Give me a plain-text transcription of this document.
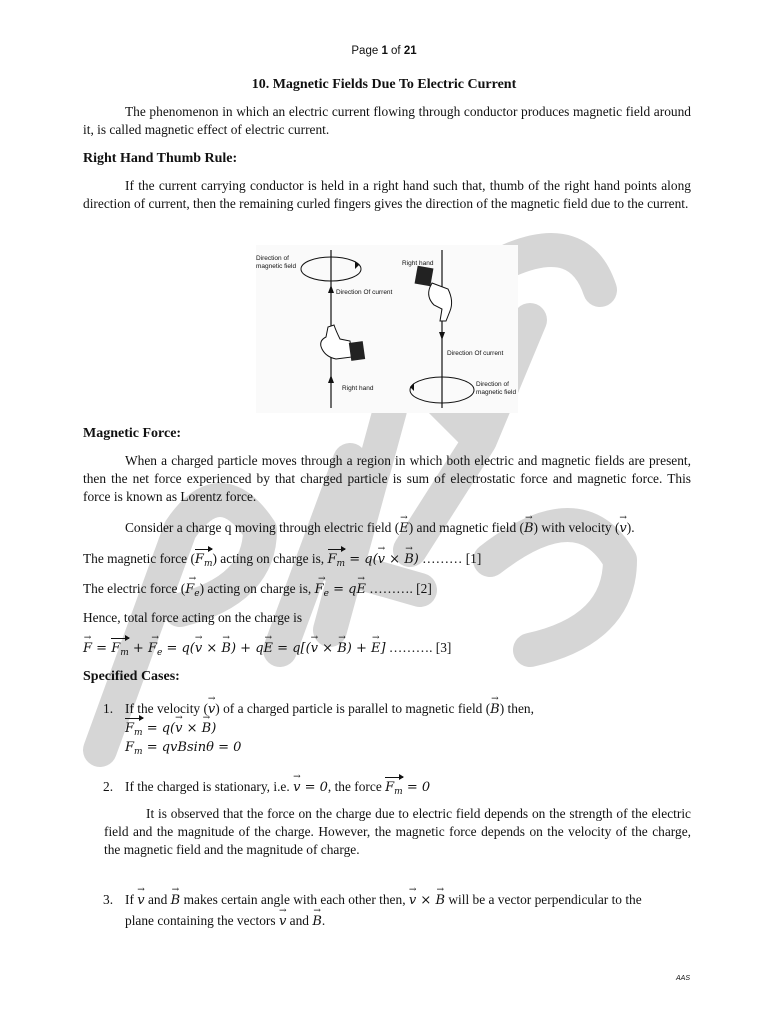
Page 1 of 21
10. Magnetic Fields Due To Electric Current
The phenomenon in which an electric current flowing through conductor produces magnetic field around it, is called magnetic effect of electric current.
Right Hand Thumb Rule:
If the current carrying conductor is held in a right hand such that, thumb of the right hand points along direction of current, then the remaining curled fingers gives the direction of the magnetic field due to the current.
Direction of magnetic field
Direction Of current
Right hand
Right hand
Direction Of current
Direction of magnetic field
Magnetic Force:
When a charged particle moves through a region in which both electric and magnetic fields are present, then the net force experienced by that charged particle is sum of electrostatic force and magnetic force. This force is known as Lorentz force.
Consider a charge q moving through electric field (→ E) and magnetic field (→ B) with velocity (→ v).
The magnetic force $(F_m)$ acting on charge is, $F_m = q(\to v$ × → B) ……… [1]
The electric force (→ $F_e$) acting on charge is, → $F_e = q\to E$ ………. [2]
Hence, total force acting on the charge is
→ $F = F_m$ + → $F_e = q(\to v$ × → B) + q→ E = q[(→ v × → B) + → E] ………. [3]
Specified Cases:
1. If the velocity (→ v) of a charged particle is parallel to magnetic field (→ B) then,
$F_m = q(\to v$ × → B)
$F_m = qvBsin\theta = 0$
2. If the charged is stationary, i.e. → v = 0, the force $F_m = 0$
It is observed that the force on the charge due to electric field depends on the strength of the electric field and the magnitude of the charge. However, the magnetic force depends on the velocity of the charge, the magnetic field and the magnitude of charge.
3. If → v and → B makes certain angle with each other then, → v × → B will be a vector perpendicular to the
plane containing the vectors → v and → B.
AAS
